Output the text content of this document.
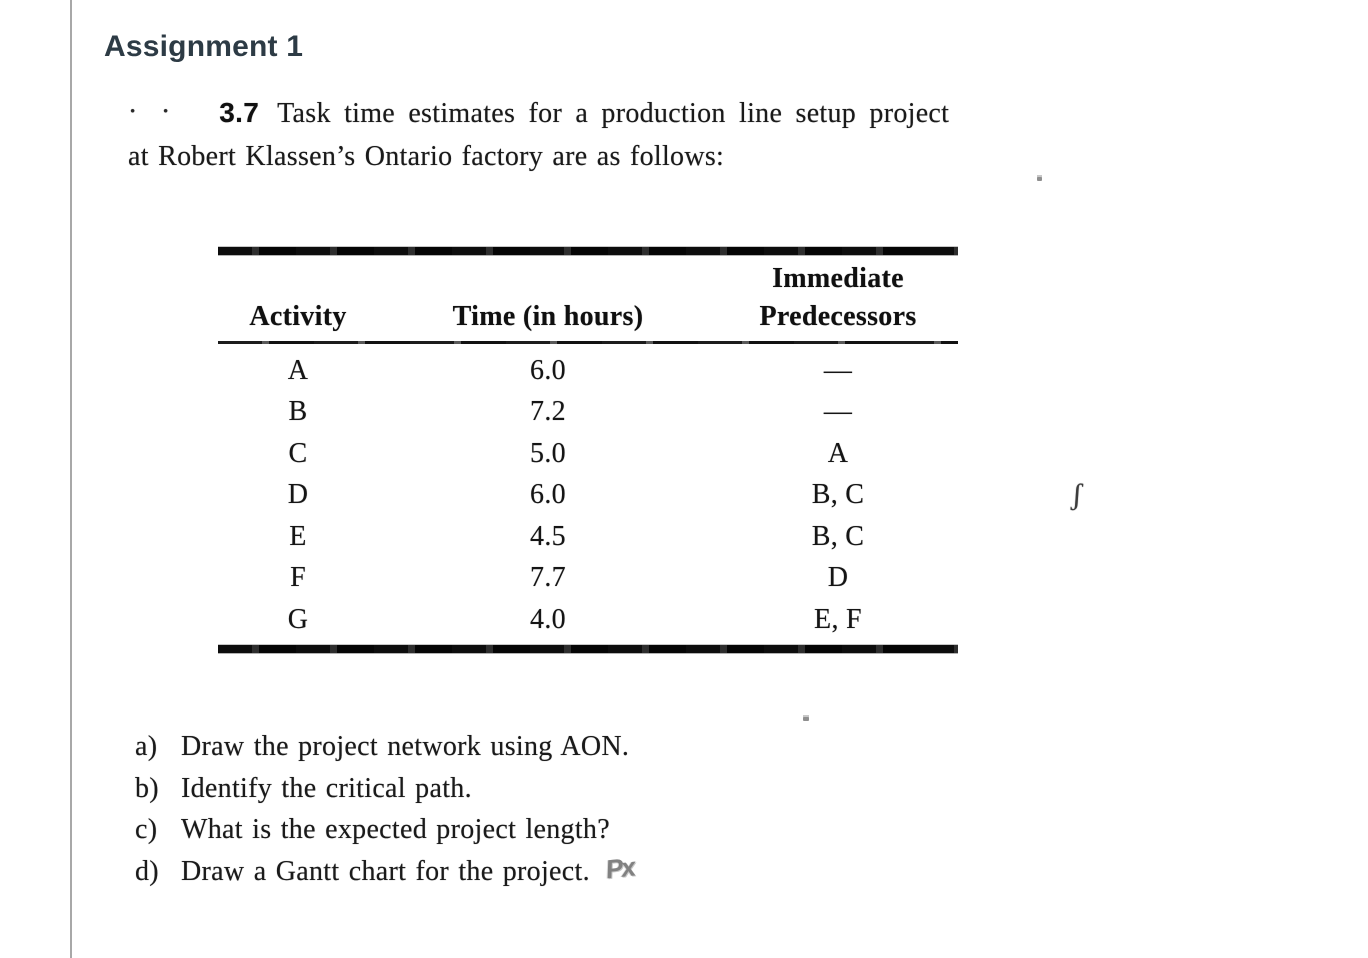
Assignment 1
• • 3.7 Task time estimates for a production line setup project
at Robert Klassen’s Ontario factory are as follows:
Activity	Time (in hours)
Immediate
Predecessors
A	6.0	—
B	7.2	—
C	5.0	A
D	6.0	B, C
E	4.5	B, C
F	7.7	D
G	4.0	E, F
a) Draw the project network using AON.
b) Identify the critical path.
c) What is the expected project length?
d) Draw a Gantt chart for the project. Px
ʃ
